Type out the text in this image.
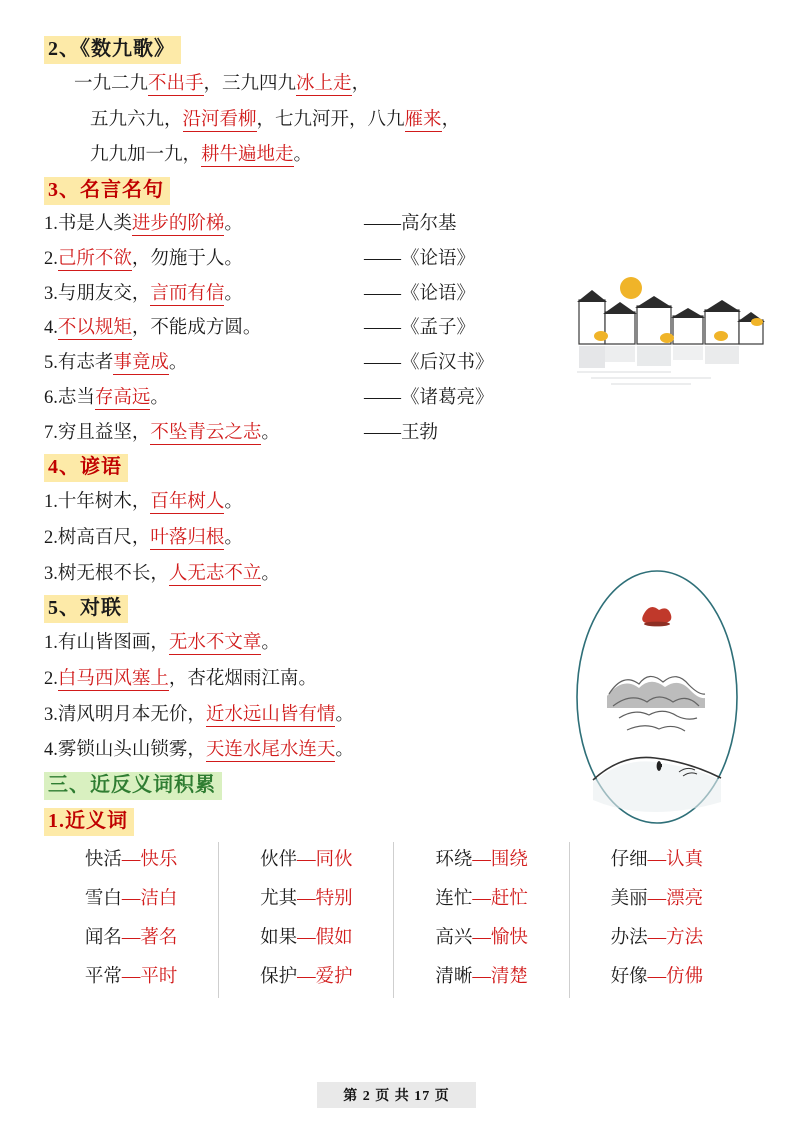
2、《数九歌》
一九二九不出手，三九四九冰上走，
五九六九，沿河看柳，七九河开，八九雁来，
九九加一九，耕牛遍地走。
3、名言名句
1.书是人类进步的阶梯。	——高尔基
2.己所不欲，勿施于人。	——《论语》
3.与朋友交，言而有信。	——《论语》
4.不以规矩，不能成方圆。	——《孟子》
5.有志者事竟成。	——《后汉书》
6.志当存高远。	——《诸葛亮》
7.穷且益坚，不坠青云之志。	——王勃
4、谚语
1.十年树木，百年树人。
2.树高百尺，叶落归根。
3.树无根不长，人无志不立。
5、对联
1.有山皆图画，无水不文章。
2.白马西风塞上，杏花烟雨江南。
3.清风明月本无价，近水远山皆有情。
4.雾锁山头山锁雾，天连水尾水连天。
三、近反义词积累
1.近义词
快活—快乐	伙伴—同伙	环绕—围绕	仔细—认真
雪白—洁白	尤其—特别	连忙—赶忙	美丽—漂亮
闻名—著名	如果—假如	高兴—愉快	办法—方法
平常—平时	保护—爱护	清晰—清楚	好像—仿佛
第 2 页 共 17 页
